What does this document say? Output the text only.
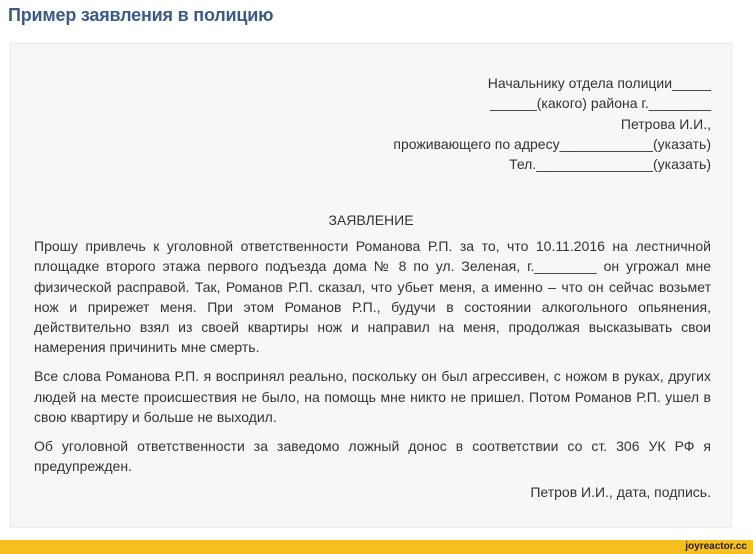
Пример заявления в полицию
Начальнику отдела полиции_____
______(какого) района г.________
Петрова И.И.,
проживающего по адресу____________(указать)
Тел._______________(указать)
ЗАЯВЛЕНИЕ

Прошу привлечь к уголовной ответственности Романова Р.П. за то, что 10.11.2016 на лестничной площадке второго этажа первого подъезда дома № 8 по ул. Зеленая, г.________ он угрожал мне физической расправой. Так, Романов Р.П. сказал, что убьет меня, а именно – что он сейчас возьмет нож и прирежет меня. При этом Романов Р.П., будучи в состоянии алкогольного опьянения, действительно взял из своей квартиры нож и направил на меня, продолжая высказывать свои намерения причинить мне смерть.

Все слова Романова Р.П. я воспринял реально, поскольку он был агрессивен, с ножом в руках, других людей на месте происшествия не было, на помощь мне никто не пришел. Потом Романов Р.П. ушел в свою квартиру и больше не выходил.

Об уголовной ответственности за заведомо ложный донос в соответствии со ст. 306 УК РФ я предупрежден.

Петров И.И., дата, подпись.
joyreactor.cc
